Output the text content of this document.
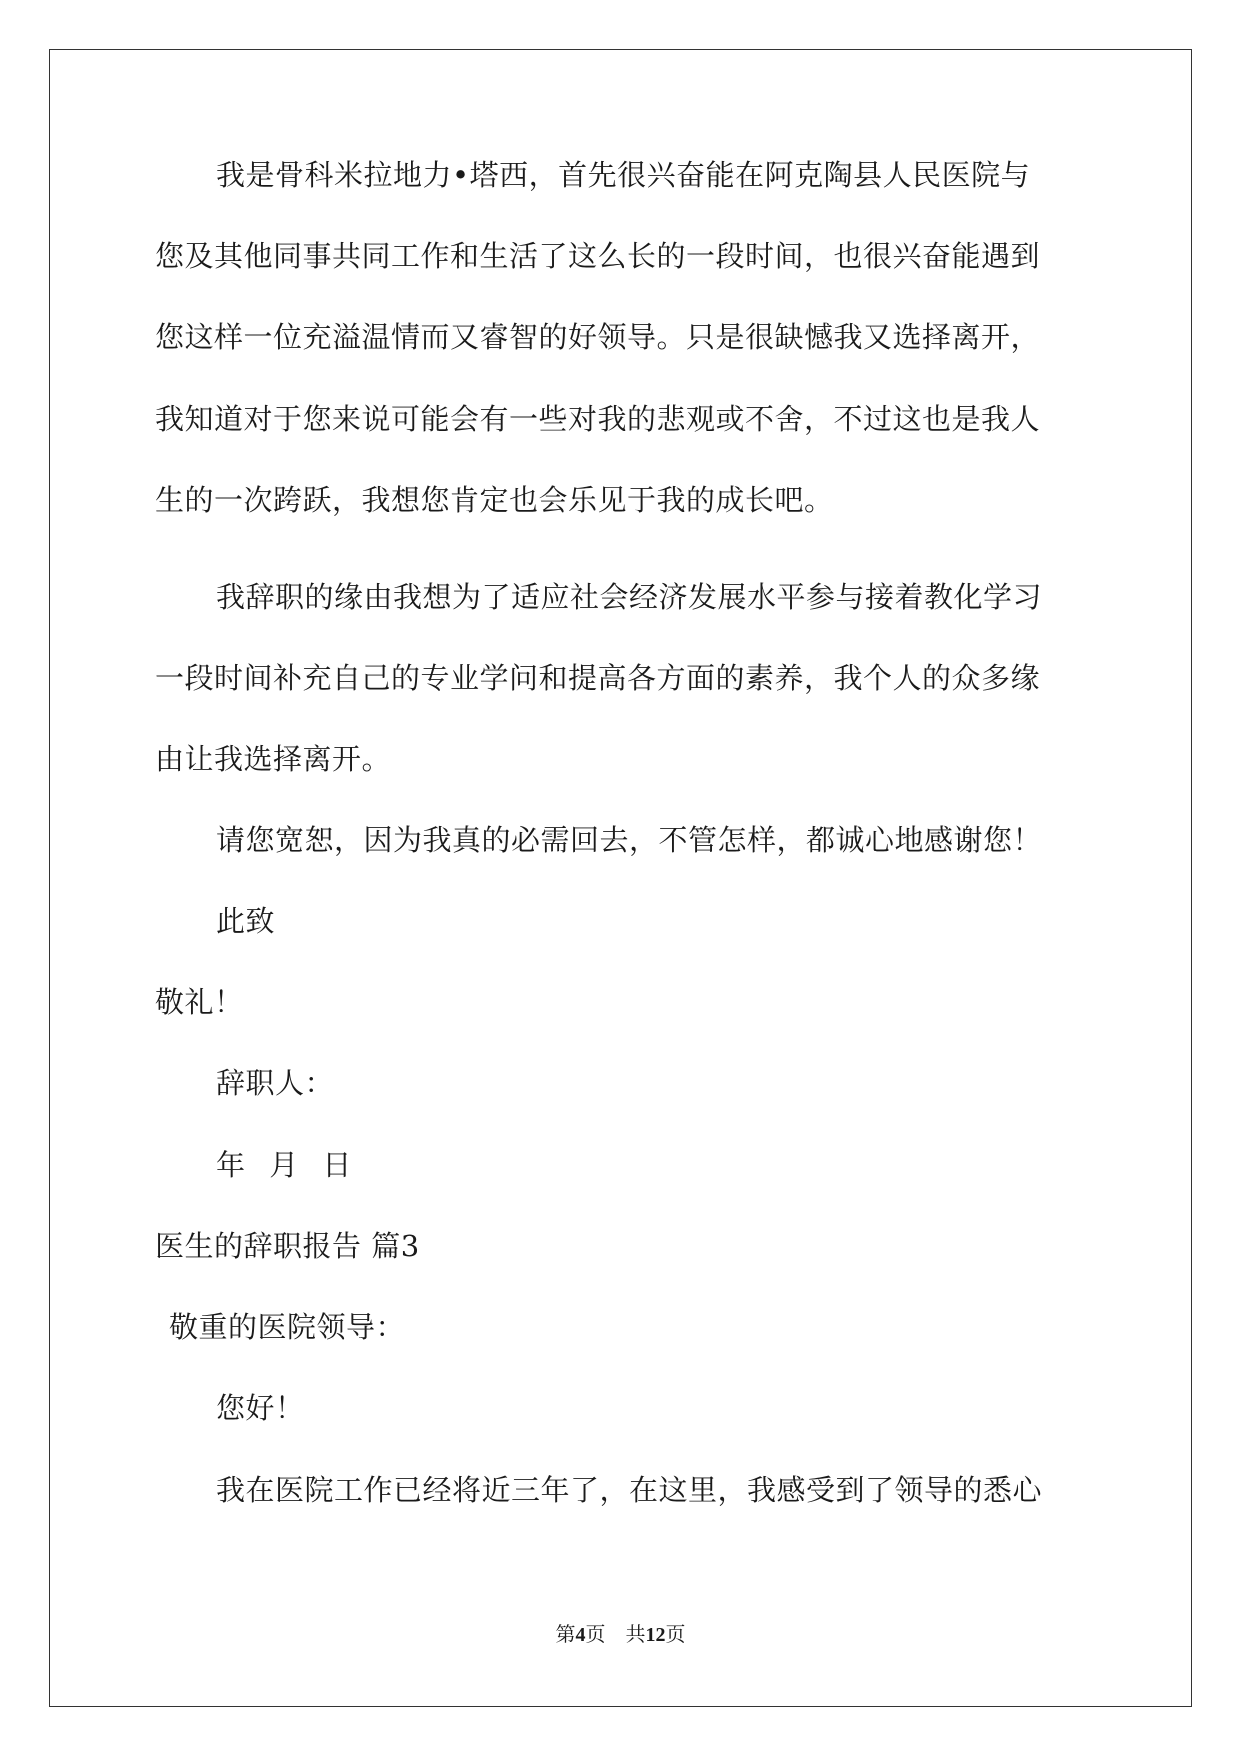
我是骨科米拉地力•塔西，首先很兴奋能在阿克陶县人民医院与
您及其他同事共同工作和生活了这么长的一段时间，也很兴奋能遇到
您这样一位充溢温情而又睿智的好领导。只是很缺憾我又选择离开，
我知道对于您来说可能会有一些对我的悲观或不舍，不过这也是我人
生的一次跨跃，我想您肯定也会乐见于我的成长吧。
我辞职的缘由我想为了适应社会经济发展水平参与接着教化学习
一段时间补充自己的专业学问和提高各方面的素养，我个人的众多缘
由让我选择离开。
请您宽恕，因为我真的必需回去，不管怎样，都诚心地感谢您！
此致
敬礼！
辞职人：
年 月 日
医生的辞职报告 篇3
敬重的医院领导：
您好！
我在医院工作已经将近三年了，在这里，我感受到了领导的悉心
第4页 共12页
